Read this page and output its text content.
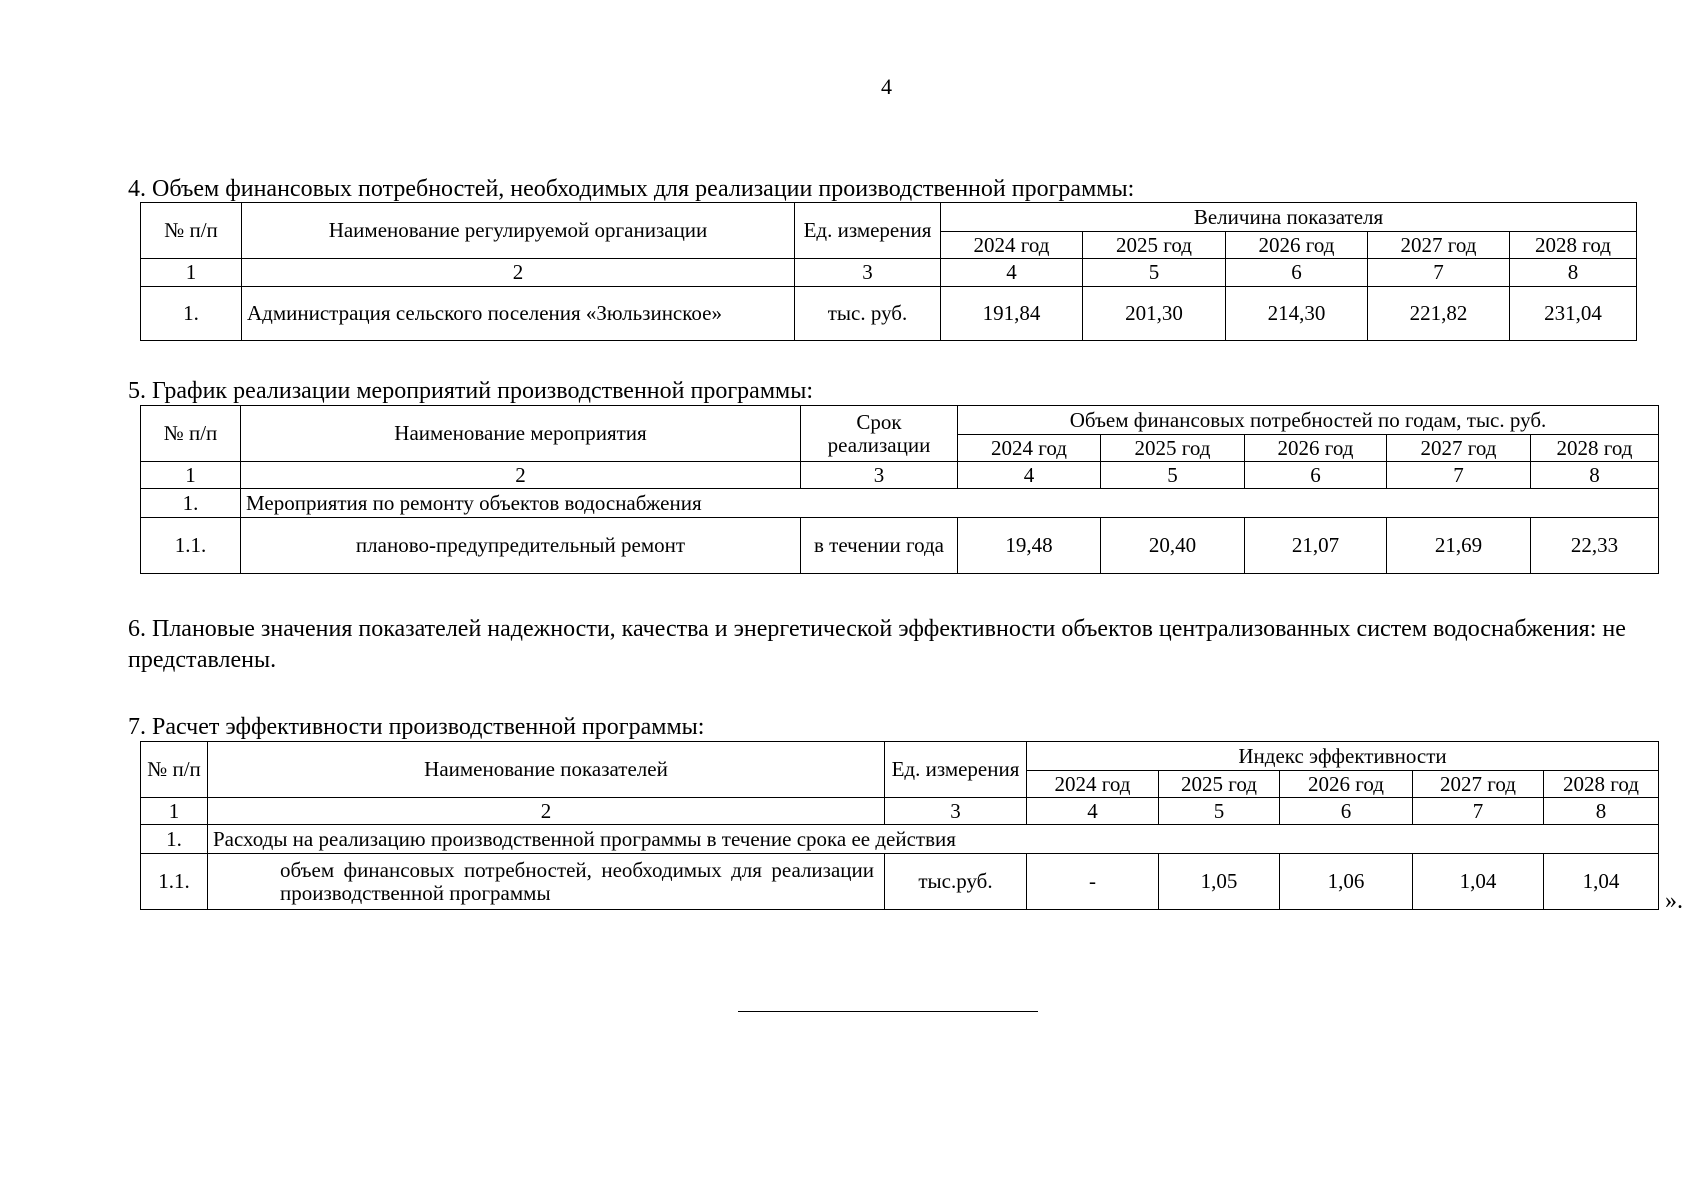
4
4. Объем финансовых потребностей, необходимых для реализации производственной программы:
№ п/п	Наименование регулируемой организации	Ед. измерения	Величина показателя				
			2024 год	2025 год	2026 год	2027 год	2028 год
1	2	3	4	5	6	7	8
1.	Администрация сельского поселения «Зюльзинское»	тыс. руб.	191,84	201,30	214,30	221,82	231,04
5. График реализации мероприятий производственной программы:
№ п/п	Наименование мероприятия	Срок реализации	Объем финансовых потребностей по годам, тыс. руб.				
			2024 год	2025 год	2026 год	2027 год	2028 год
1	2	3	4	5	6	7	8
1.	Мероприятия по ремонту объектов водоснабжения						
1.1.	планово-предупредительный ремонт	в течении года	19,48	20,40	21,07	21,69	22,33
6. Плановые значения показателей надежности, качества и энергетической эффективности объектов централизованных систем водоснабжения: не представлены.
7. Расчет эффективности производственной программы:
№ п/п	Наименование показателей	Ед. измерения	Индекс эффективности				
			2024 год	2025 год	2026 год	2027 год	2028 год
1	2	3	4	5	6	7	8
1.	Расходы на реализацию производственной программы в течение срока ее действия						
1.1.	объем финансовых потребностей, необходимых для реализации производственной программы	тыс.руб.	-	1,05	1,06	1,04	1,04
».
